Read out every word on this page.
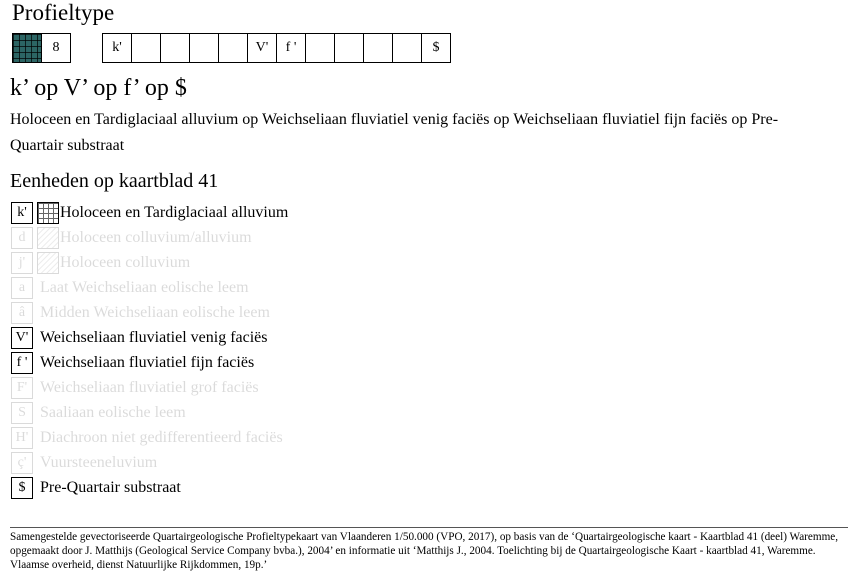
Profieltype
8	k'	V'	f '	$
k’ op V’ op f’ op $
Holoceen en Tardiglaciaal alluvium op Weichseliaan fluviatiel venig faciës op Weichseliaan fluviatiel fijn faciës op Pre-Quartair substraat
Eenheden op kaartblad 41
k'	Holoceen en Tardiglaciaal alluvium
d	Holoceen colluvium/alluvium
j'	Holoceen colluvium
a Laat Weichseliaan eolische leem
â Midden Weichseliaan eolische leem
V' Weichseliaan fluviatiel venig faciës
f ' Weichseliaan fluviatiel fijn faciës
F' Weichseliaan fluviatiel grof faciës
S Saaliaan eolische leem
H' Diachroon niet gedifferentieerd faciës
ç' Vuursteeneluvium
$ Pre-Quartair substraat
Samengestelde gevectoriseerde Quartairgeologische Profieltypekaart van Vlaanderen 1/50.000 (VPO, 2017), op basis van de ‘Quartairgeologische kaart - Kaartblad 41 (deel) Waremme, opgemaakt door J. Matthijs (Geological Service Company bvba.), 2004’ en informatie uit ‘Matthijs J., 2004. Toelichting bij de Quartairgeologische Kaart - kaartblad 41, Waremme. Vlaamse overheid, dienst Natuurlijke Rijkdommen, 19p.’
